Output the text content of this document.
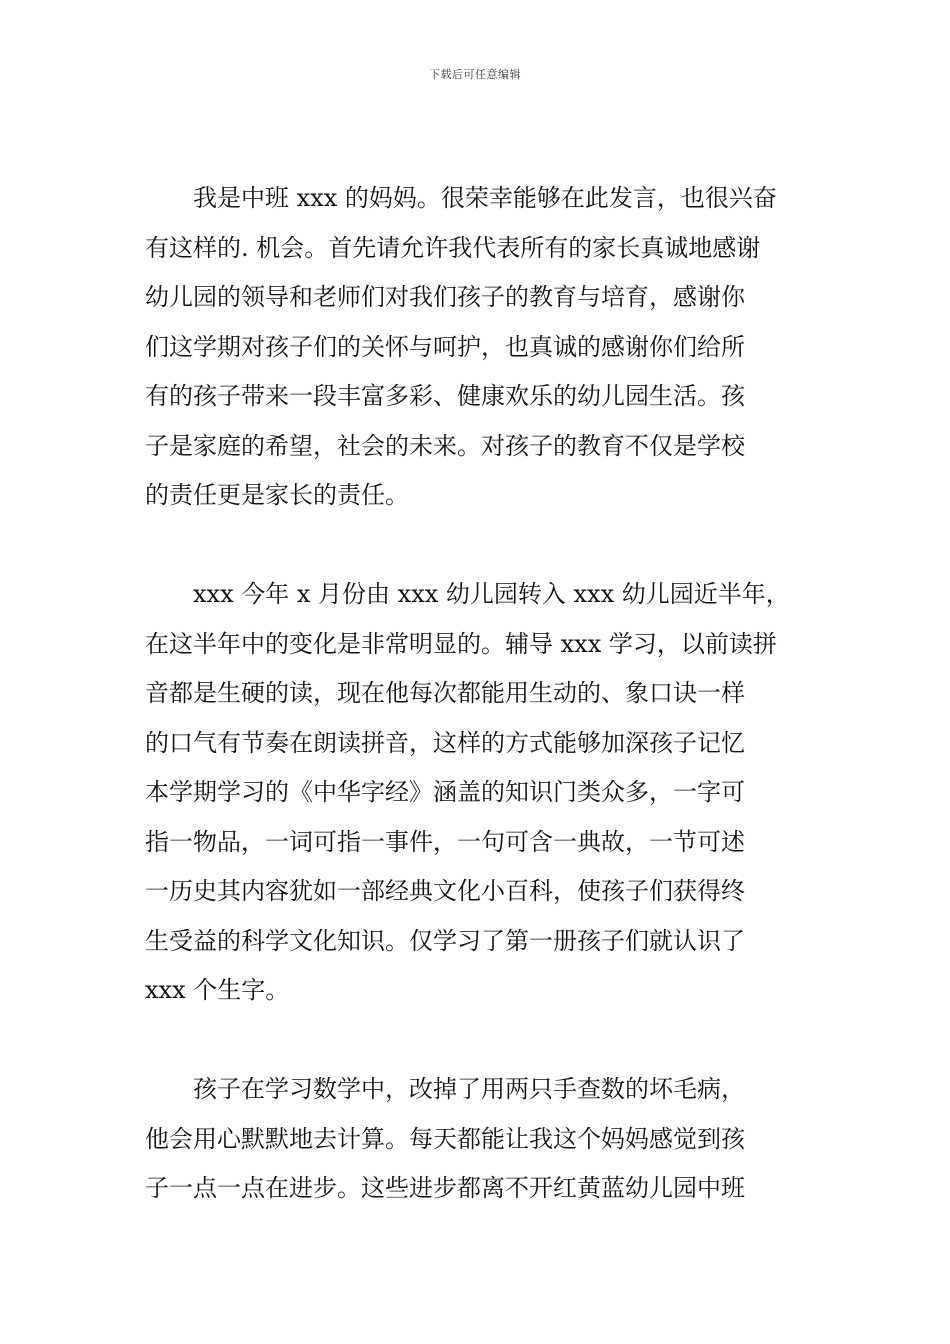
下载后可任意编辑
　　我是中班 xxx 的妈妈。很荣幸能够在此发言，也很兴奋
有这样的. 机会。首先请允许我代表所有的家长真诚地感谢
幼儿园的领导和老师们对我们孩子的教育与培育，感谢你
们这学期对孩子们的关怀与呵护，也真诚的感谢你们给所
有的孩子带来一段丰富多彩、健康欢乐的幼儿园生活。孩
子是家庭的希望，社会的未来。对孩子的教育不仅是学校
的责任更是家长的责任。
　　xxx 今年 x 月份由 xxx 幼儿园转入 xxx 幼儿园近半年，
在这半年中的变化是非常明显的。辅导 xxx 学习，以前读拼
音都是生硬的读，现在他每次都能用生动的、象口诀一样
的口气有节奏在朗读拼音，这样的方式能够加深孩子记忆
本学期学习的《中华字经》涵盖的知识门类众多，一字可
指一物品，一词可指一事件，一句可含一典故，一节可述
一历史其内容犹如一部经典文化小百科，使孩子们获得终
生受益的科学文化知识。仅学习了第一册孩子们就认识了
xxx 个生字。
　　孩子在学习数学中，改掉了用两只手查数的坏毛病，
他会用心默默地去计算。每天都能让我这个妈妈感觉到孩
子一点一点在进步。这些进步都离不开红黄蓝幼儿园中班
